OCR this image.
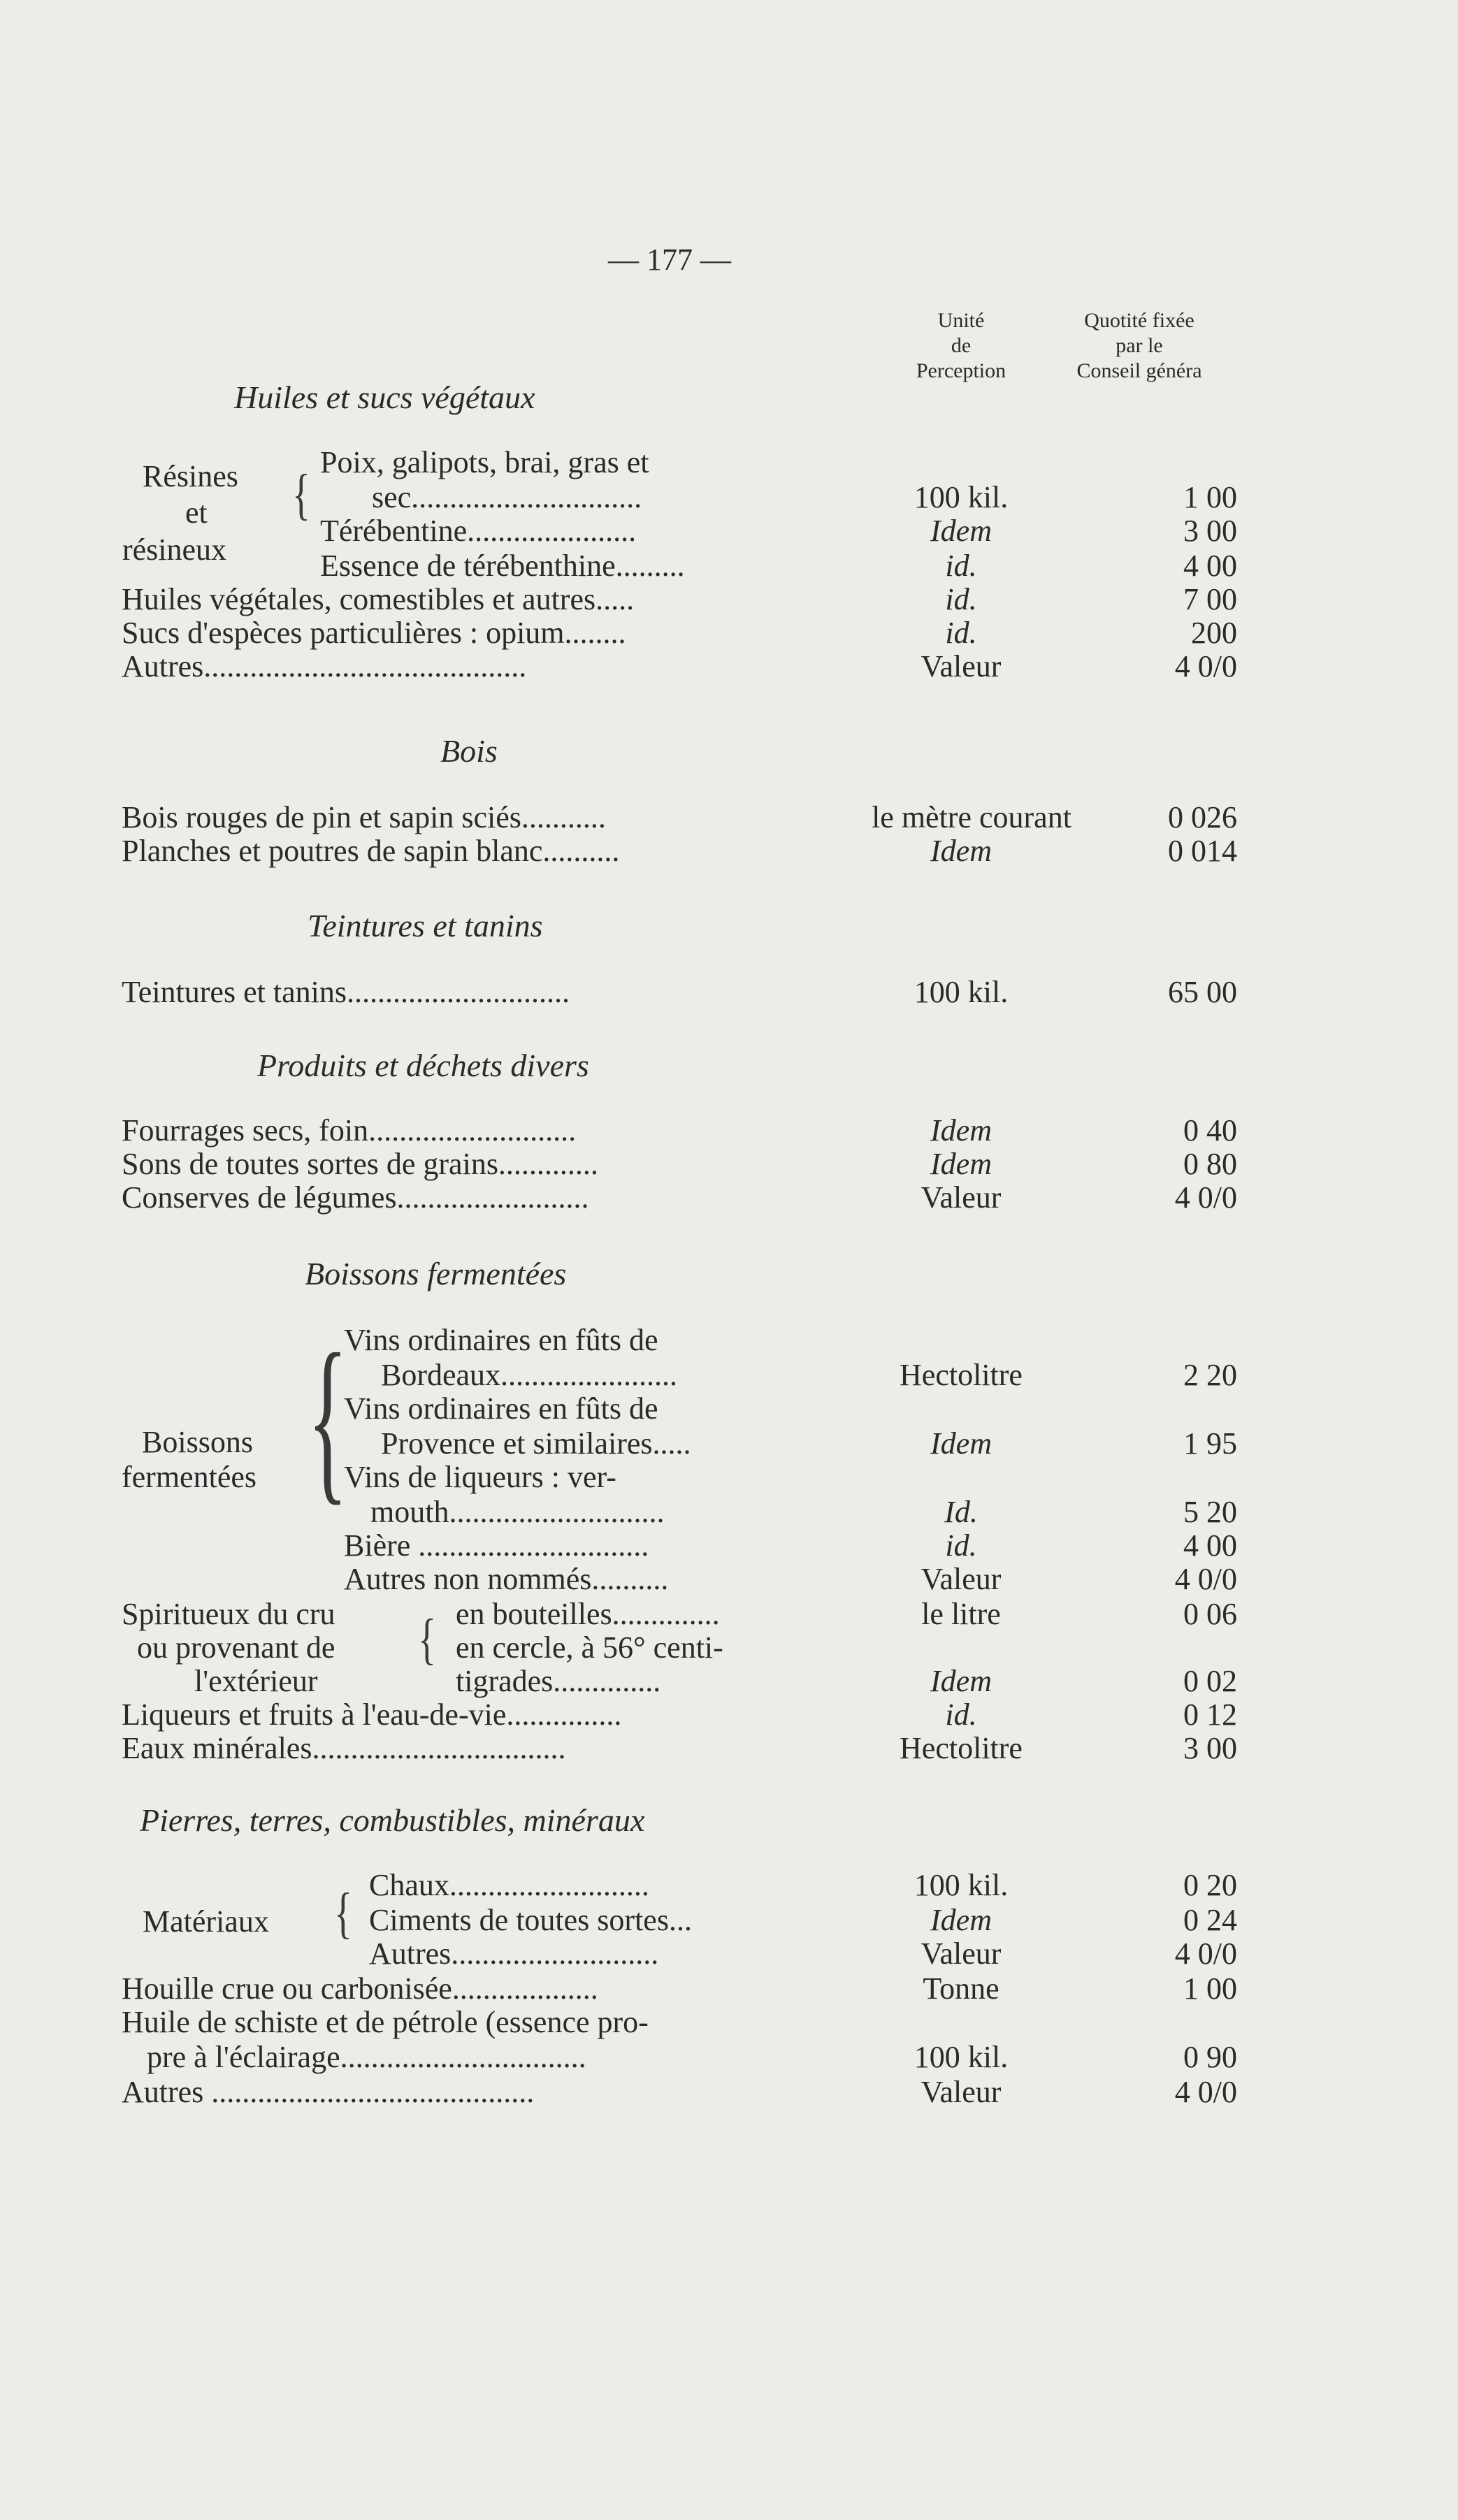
— 177 —
Unité
de
Perception
Quotité fixée
par le
Conseil généra
Huiles et sucs végétaux
Résines
et
résineux
{
Poix, galipots, brai, gras et
sec..............................
Térébentine......................
Essence de térébenthine.........
Huiles végétales, comestibles et autres.....
Sucs d'espèces particulières : opium........
Autres..........................................
100 kil.
Idem
id.
id.
id.
Valeur
1 00
3 00
4 00
7 00
200
4 0/0
Bois
Bois rouges de pin et sapin sciés...........
Planches et poutres de sapin blanc..........
le mètre courant
Idem
0 026
0 014
Teintures et tanins
Teintures et tanins.............................	100 kil.	65 00
Produits et déchets divers
Fourrages secs, foin...........................
Sons de toutes sortes de grains.............
Conserves de légumes.........................
Idem
Idem
Valeur
0 40
0 80
4 0/0
Boissons fermentées
Boissons
fermentées {
Vins ordinaires en fûts de
Bordeaux.......................
Vins ordinaires en fûts de
Provence et similaires.....
Vins de liqueurs : ver-
mouth............................
Bière ..............................
Autres non nommés..........
Hectolitre
Idem
Id.
id.
Valeur
2 20
1 95
5 20
4 00
4 0/0
Spiritueux du cru
ou provenant de
l'extérieur
{ en bouteilles..............
en cercle, à 56° centi-
tigrades..............
Liqueurs et fruits à l'eau-de-vie...............
Eaux minérales.................................
le litre
Idem
id.
Hectolitre
0 06
0 02
0 12
3 00
Pierres, terres, combustibles, minéraux
Matériaux { Chaux..........................
Ciments de toutes sortes...
Autres...........................
Houille crue ou carbonisée...................
Huile de schiste et de pétrole (essence pro-
pre à l'éclairage................................
Autres ..........................................
100 kil.
Idem
Valeur
Tonne
100 kil.
Valeur
0 20
0 24
4 0/0
1 00
0 90
4 0/0
